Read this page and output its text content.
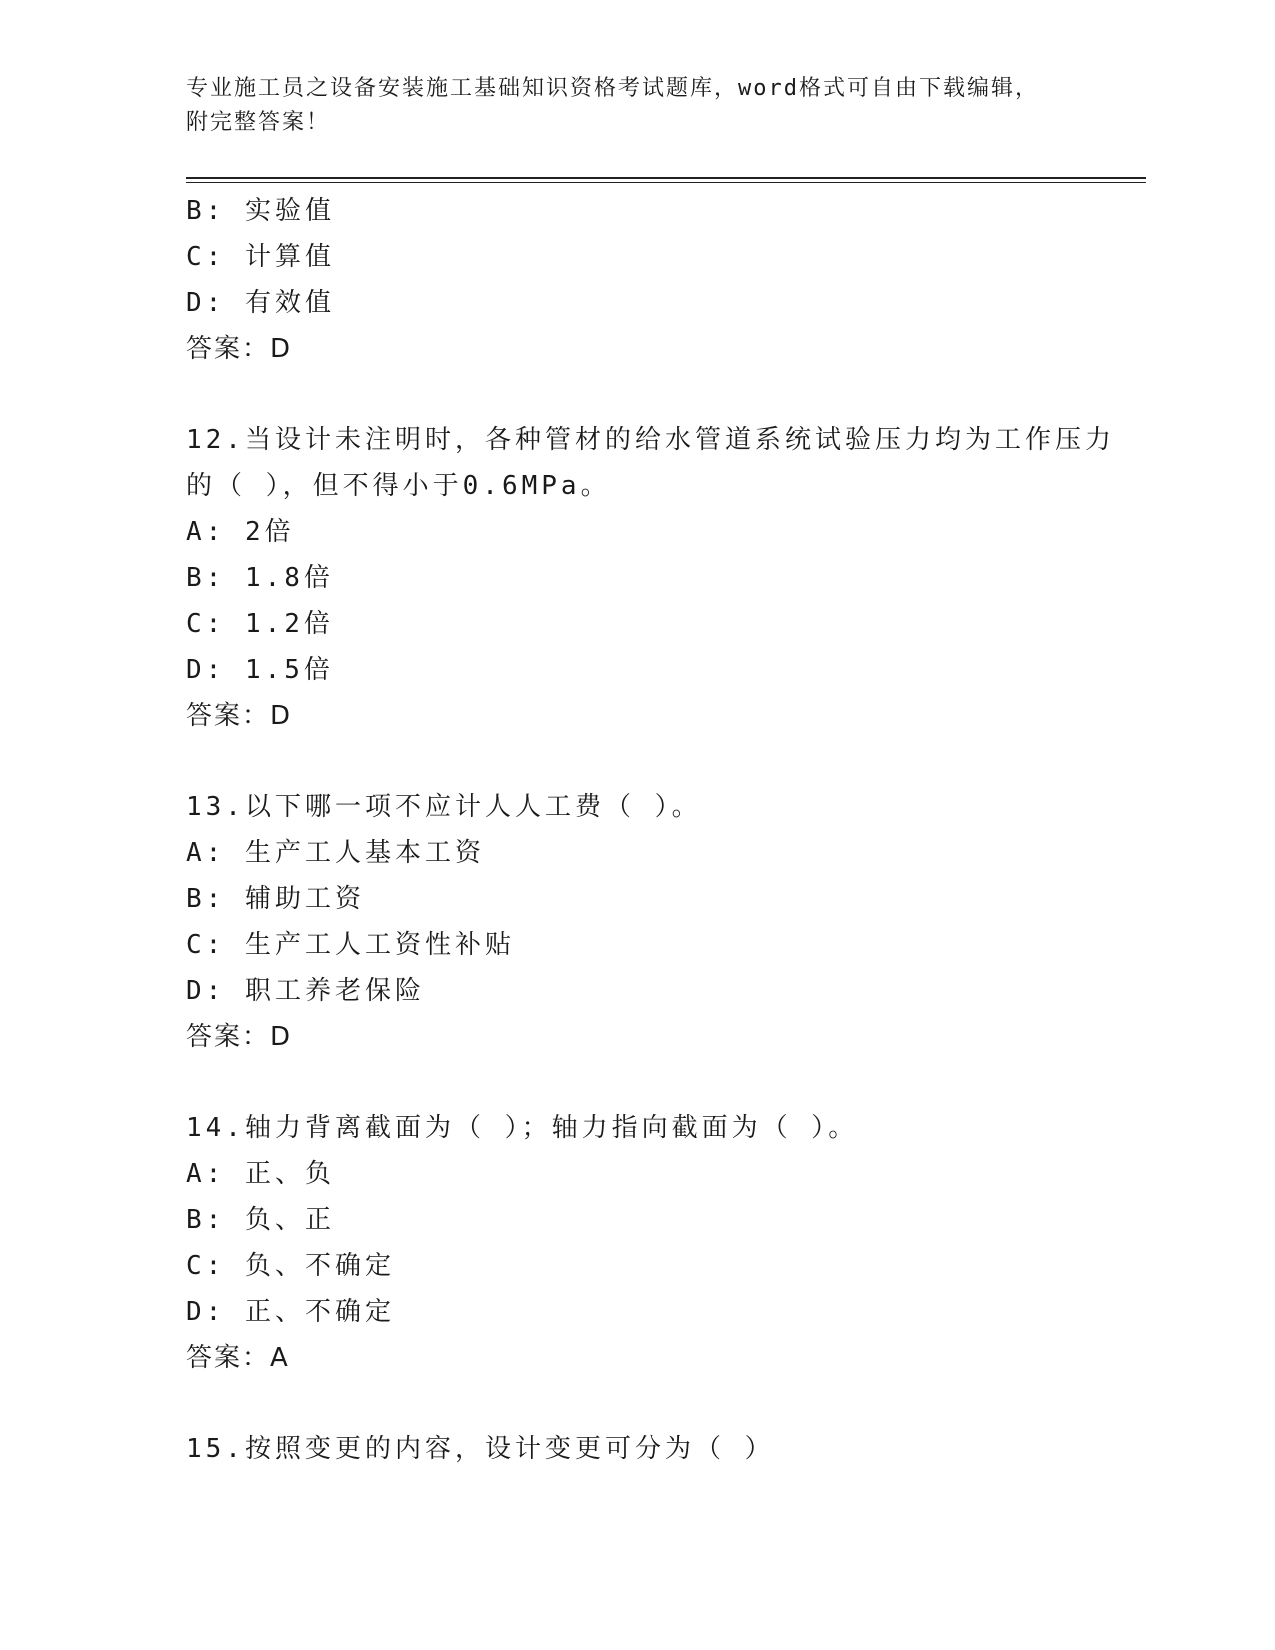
专业施工员之设备安装施工基础知识资格考试题库，word格式可自由下载编辑，
附完整答案！
B: 实验值
C: 计算值
D: 有效值
答案：D
12.当设计未注明时，各种管材的给水管道系统试验压力均为工作压力
的（ ），但不得小于0.6MPa。
A: 2倍
B: 1.8倍
C: 1.2倍
D: 1.5倍
答案：D
13.以下哪一项不应计人人工费（ ）。
A: 生产工人基本工资
B: 辅助工资
C: 生产工人工资性补贴
D: 职工养老保险
答案：D
14.轴力背离截面为（ ）；轴力指向截面为（ ）。
A: 正、负
B: 负、正
C: 负、不确定
D: 正、不确定
答案：A
15.按照变更的内容，设计变更可分为（ ）
